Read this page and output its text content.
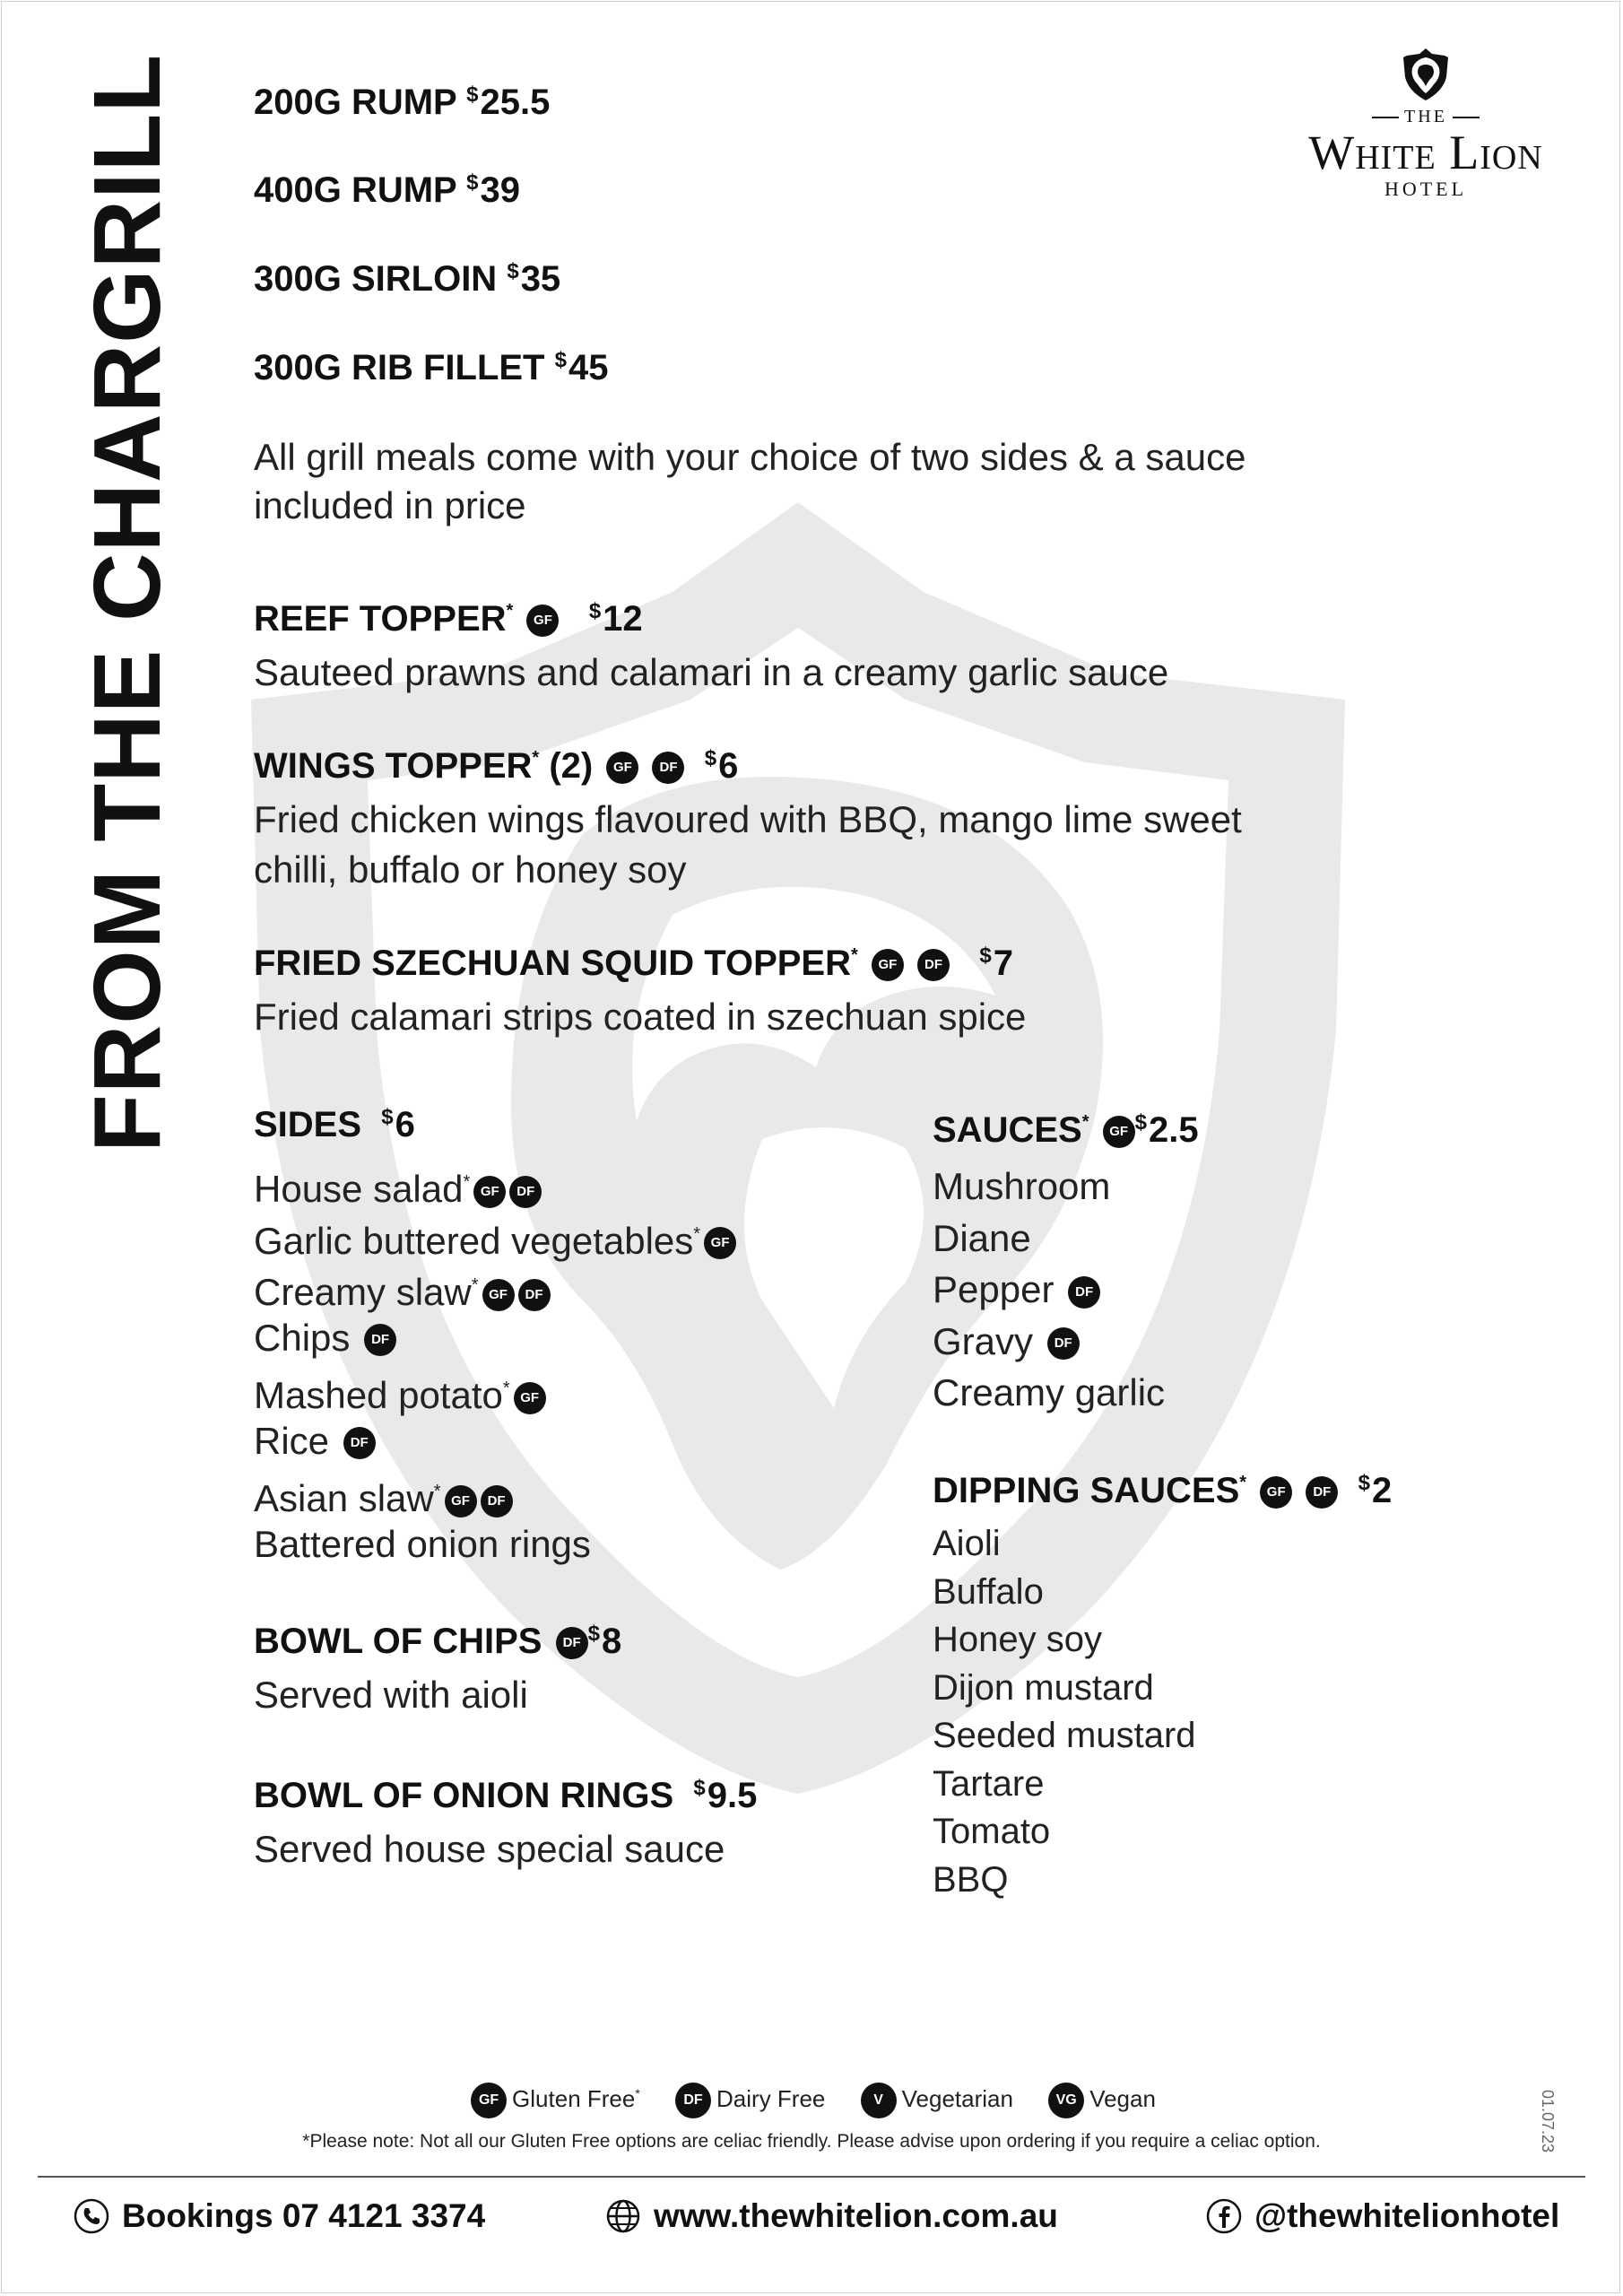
FROM THE CHARGRILL	THE
White Lion
HOTEL
200G RUMP $25.5
400G RUMP $39
300G SIRLOIN $35
300G RIB FILLET $45
All grill meals come with your choice of two sides & a sauce
included in price
REEF TOPPER* GF $12
Sauteed prawns and calamari in a creamy garlic sauce
WINGS TOPPER* (2) GF DF $6
Fried chicken wings flavoured with BBQ, mango lime sweet
chilli, buffalo or honey soy
FRIED SZECHUAN SQUID TOPPER* GF DF $7
Fried calamari strips coated in szechuan spice
SIDES $6
House salad* GF DF
Garlic buttered vegetables* GF
Creamy slaw* GF DF
Chips DF
Mashed potato* GF
Rice DF
Asian slaw* GF DF
Battered onion rings
BOWL OF CHIPS DF $8
Served with aioli
BOWL OF ONION RINGS $9.5
Served house special sauce
SAUCES* GF $2.5
Mushroom
Diane
Pepper DF
Gravy DF
Creamy garlic
DIPPING SAUCES* GF DF $2
Aioli
Buffalo
Honey soy
Dijon mustard
Seeded mustard
Tartare
Tomato
BBQ
GF Gluten Free*	DF Dairy Free	V Vegetarian	VG Vegan
*Please note: Not all our Gluten Free options are celiac friendly. Please advise upon ordering if you require a celiac option.	01.07.23
Bookings 07 4121 3374	www.thewhitelion.com.au	@thewhitelionhotel
